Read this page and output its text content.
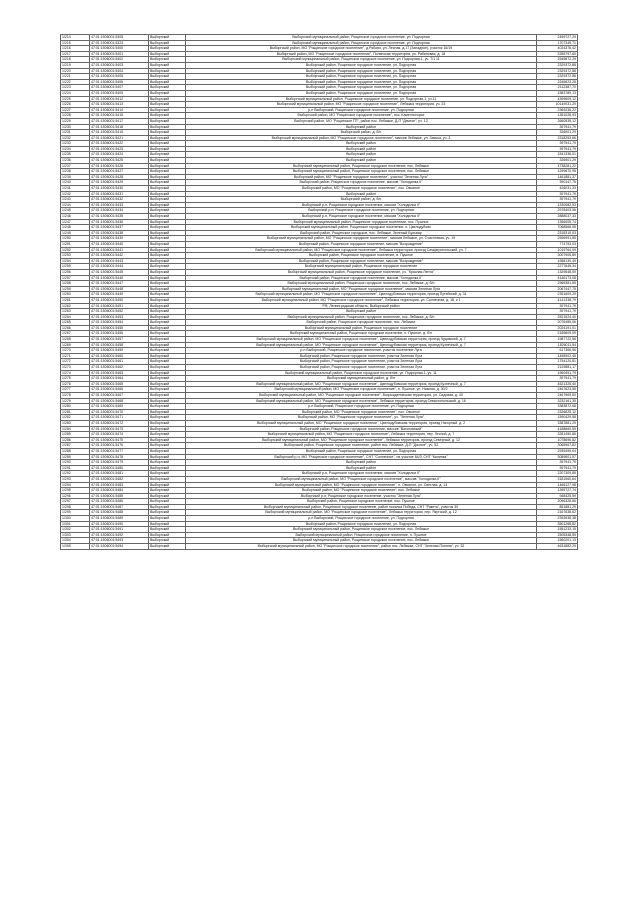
1/214	47:01:1506001:5305	Выборгский	Выборгский муниципальный район, Рощинское городское поселение, ул. Подгорная	2459727,29
1/215	47:01:1506001:5323	Выборгский	Выборгский муниципальный район, Рощинское городское поселение, ул. Подгорная	1707349,71
1/216	47:01:1506001:5400	Выборгский	Выборгский район, МО "Рощинское городское поселение", д.Рябово, ул. Лесная, д.17 (Западное), участок 16/19	4024376,42
1/217	47:01:1506001:5401	Выборгский	Выборгский район, МО "Рощинское городское поселение", Полянская территория, ул. Рябиновая, д. 18	2285797,60
1/218	47:01:1506001:5402	Выборгский	Выборгский муниципальный район, Рощинское городское поселение, ул. Подгорная-1, уч. 7/1 11	2545672,29
1/219	47:01:1506001:5403	Выборгский	Выборгский район, Рощинское городское поселение, ул. Подгорная	2329372,88
1/220	47:01:1506001:5404	Выборгский	Выборгский район, Рощинское городское поселение, ул. Подгорная	2329372,88
1/221	47:01:1506001:5405	Выборгский	Выборгский район, Рощинское городское поселение, ул. Подгорная	2329372,88
1/222	47:01:1506001:5406	Выборгский	Выборгский район, Рощинское городское поселение, ул. Подгорная	2246623,28
1/223	47:01:1506001:5407	Выборгский	Выборгский район, Рощинское городское поселение, ул. Подгорная	2112387,70
1/224	47:01:1506001:5409	Выборгский	Выборгский район, Рощинское городское поселение, ул. Подгорная	1583789,13
1/225	47:01:1506001:5412	Выборгский	Выборгский муниципальный район, Рощинское городское поселение, ул. Подгорная-1, уч.11	4399509,12
1/226	47:01:1506001:5413	Выборгский	Выборгский муниципальный район, МО "Рощинское городское поселение", Лебяжья территория, уч. 23	10149031,29
1/227	47:01:1506001:5414	Выборгский	р-н Выборгский, Рощинское городское поселение, ул. Подгорная	2369236,22
1/228	47:01:1506001:5415	Выборгский	Выборгский район, МО "Рощинское городское поселение", пос. Каменногорье	1351028,93
1/229	47:01:1506001:5417	Выборгский	Выборгский район, МО "Рощинское ГП", район пос. Лебяжье, Д-П "Дачное", уч. 12	2660535,12
1/230	47:01:1506001:5418	Выборгский	Выборгский район	397941,79
1/231	47:01:1506001:5419	Выборгский	Выборгский район, д. б/н	326901,29
1/232	47:01:1506001:5421	Выборгский	Выборгский муниципальный район, МО "Рощинское городское поселение", массив Лебяжье, ул. Заячья, уч. 3	2318253,66
1/233	47:01:1506001:5422	Выборгский	Выборгский район	397941,79
1/234	47:01:1506001:5423	Выборгский	Выборгский район	397941,79
1/235	47:01:1506001:5424	Выборгский	Выборгский район	1541336,01
1/236	47:01:1506001:5425	Выборгский	Выборгский район	326901,29
1/237	47:01:1506001:5426	Выборгский	Выборгский муниципальный район, Рощинское городское поселение, пос. Лебяжье	1738281,22
1/238	47:01:1506001:5427	Выборгский	Выборгский муниципальный район, Рощинское городское поселение, пос. Лебяжье	1299670,95
1/239	47:01:1506001:5428	Выборгский	Выборгский район, МО "Рощинское городское поселение", участок "Зеленая Луга"	1461881,37
1/240	47:01:1506001:5429	Выборгский	Выборгский район, Рощинское городское поселение, массив "Холодилка II"	390147,75
1/241	47:01:1506001:5430	Выборгский	Выборгский район, МО "Рощинское городское поселение", пос. Овсяное	426031,33
1/242	47:01:1506001:5431	Выборгский	Выборгский район	397941,79
1/243	47:01:1506001:5432	Выборгский	Выборгский район, д. б/н	397941,79
1/244	47:01:1506001:5433	Выборгский	Выборгский р-н, Рощинское городское поселение, массив "Холодилка II"	1330082,53
1/245	47:01:1506001:5434	Выборгский	Выборгский р-н, Рощинское городское поселение, ул. Подгорная	2978403,36
1/246	47:01:1506001:5435	Выборгский	Выборгский р-н, Рощинское городское поселение, массив "Холодилка II"	2888037,33
1/247	47:01:1506001:5436	Выборгский	Выборгский муниципальный район, Рощинское городское поселение, пос. Пушное	1356005,74
1/248	47:01:1506001:5437	Выборгский	Выборгский муниципальный район, Рощинское городское поселение, п. Цвелодубово	7068566,08
1/249	47:01:1506001:5438	Выборгский	Выборгский район, Рощинское городское, пос. Лебяжье, Зеленый Бульвар	2318310,03
1/250	47:01:1506001:5439	Выборгский	Выборгский муниципальный район, МО "Рощинское городское поселение", массив Лебяжье, ул. Счастливая, уч. 19	2596991,55
1/251	47:01:1506001:5440	Выборгский	Выборгский район, Рощинское городское поселение, массив "Возрождение"	774793,03
1/252	47:01:1506001:5441	Выборгский	Выборгский муниципальный район, МО "Рощинское городское поселение", Лебяжья территория, проезд Симферопольский, уч. 7	1019764,09
1/253	47:01:1506001:5442	Выборгский	Выборгский район, Рощинское городское поселение, в. Пушное	3007905,89
1/254	47:01:1506001:5443	Выборгский	Выборгский район, Рощинское городское поселение, массив "Возрождение"	1958130,49
1/255	47:01:1506001:5444	Выборгский	Выборгский муниципальный район, Рощинское городское поселение	2277645,34
1/256	47:01:1506001:5445	Выборгский	Выборгский муниципальный район, Рощинское городское поселение, уч. "Красная Лента"	1329548,09
1/257	47:01:1506001:5446	Выборгский	Выборгский район, Рощинское городское поселение, массив "Холодилка II"	4146173,08
1/258	47:01:1506001:5447	Выборгский	Выборгский муниципальный район, Рощинское городское поселение, пос. Лебяжье, д. б/н	2965381,55
1/259	47:01:1506001:5448	Выборгский	Выборгский муниципальный район, МО "Рощинское городское поселение", массив Зеленая Луга	2067447,75
1/260	47:01:1506001:5449	Выборгский	Выборгский муниципальный район, МО "Рощинское городское поселение", Цвелодубовская территория, проезд Путейский, д. 31	2351609,29
1/261	47:01:1506001:5450	Выборгский	Выборгский муниципальный район, МО "Рощинское городское поселение", Лебяжья территория, ул. Солнечная, д. 18, к 1	4141338,79
1/262	47:01:1506001:5451	Выборгский	РФ, Ленинградская область, Выборгский район	397941,79
1/263	47:01:1506001:5452	Выборгский	Выборгский район	397941,79
1/264	47:01:1506001:5453	Выборгский	Выборгский муниципальный район, Рощинское городское поселение, пос. Лебяжье, д. б/н	2521524,40
1/265	47:01:1506001:5454	Выборгский	Выборгский район, Рощинское городское поселение, пос. Лебяжье	2076485,06
1/266	47:01:1506001:5455	Выборгский	Выборгский муниципальный район, Рощинское городское поселение	2024191,01
1/267	47:01:1506001:5456	Выборгский	Выборгский муниципальный район, Рощинское городское поселение, п. Пушное, д. б/н	2189609,09
1/268	47:01:1506001:5457	Выборгский	Выборгский муниципальный район, МО "Рощинское городское поселение", Цвелодубовская территория, проезд Чудовский, д. 7	1987722,56
1/269	47:01:1506001:5458	Выборгский	Выборгский муниципальный район, МО "Рощинское городское поселение", Цвелодубовская территория, проезд Кузнечный, д. 7	1826011,54
1/270	47:01:1506001:5459	Выборгский	р-н Выборгский, Рощинское городское поселение, участок поселение Луга	617366,56
1/271	47:01:1506001:5460	Выборгский	Выборгский район, Рощинское городское поселение, участок Зеленая Луга	1458902,45
1/272	47:01:1506001:5461	Выборгский	Выборгский район, Рощинское городское поселение, участок Зеленая Луга	1754120,81
1/273	47:01:1506001:5462	Выборгский	Выборгский район, Рощинское городское поселение, участок Зеленая Луга	2129881,17
1/274	47:01:1506001:5463	Выборгский	Выборгский муниципальный район, Рощинское городское поселение, ул. Подгорная-1, уч. 11	1960491,79
1/275	47:01:1506001:5464	Выборгский	Выборгский муниципальный район, д. б/н	397941,79
1/276	47:01:1506001:5465	Выборгский	Выборгский муниципальный район, МО "Рощинское городское поселение", Цвелодубовская территория, проезд Кузнечный, д. 7	4521325,40
1/277	47:01:1506001:5466	Выборгский	Выборгский муниципальный район, МО "Рощинское городское поселение", п. Пушное, ул. Нижняя, д. 30/2	2467623,55
1/278	47:01:1506001:5467	Выборгский	Выборгский муниципальный район, МО "Рощинское городское поселение", Возрожденческая территория, ул. Садовая, д. 40	2467969,60
1/279	47:01:1506001:5468	Выборгский	Выборгский муниципальный район, МО "Рощинское городское поселение", Лебяжья территория, проезд Севастопольский, д. 16	3232161,35
1/280	47:01:1506001:5469	Выборгский	р-н Выборгский, Рощинское городское поселение, ул. Подгорная	3383872,68
1/281	47:01:1506001:5470	Выборгский	Выборгский район, МО "Рощинское городское поселение", пос. Овсяное	2326625,12
1/282	47:01:1506001:5471	Выборгский	Выборгский район, МО "Рощинское городское поселение", уч. "Зеленая Луга"	1590429,58
1/283	47:01:1506001:5472	Выборгский	Выборгский муниципальный район, МО "Рощинское городское поселение", Цвелодубовская территория, проезд Нагорный, д. 2	3387881,29
1/284	47:01:1506001:5473	Выборгский	Выборгский район, Рощинское городское поселение, массив "Вагоновский"	4188660,59
1/285	47:01:1506001:5474	Выборгский	Выборгский муниципальный район, МО "Рощинское городское поселение", Лебяжья территория, пер. Лесной, д. 7	3281450,86
1/286	47:01:1506001:5475	Выборгский	Выборгский муниципальный район, МО "Рощинское городское поселение", Лебяжья территория, проезд Северный, д. 12	1078696,82
1/287	47:01:1506001:5476	Выборгский	Выборгский район, Рощинское городское поселение, район пос. Лебяжье, Д-П "Дачное", уч. 52	3065967,82
1/288	47:01:1506001:5477	Выборгский	Выборгский район, Рощинское городское поселение, ул. Подгорная	2939499,64
1/289	47:01:1506001:5478	Выборгский	Выборгский р-н, МО "Рощинское городское поселение", СНТ "Солнечное", на участке 64/3, СНТ "Калинка"	3089801,57
1/290	47:01:1506001:5479	Выборгский	Выборгский район	397941,79
1/291	47:01:1506001:5480	Выборгский	Выборгский район	397941,79
1/292	47:01:1506001:5481	Выборгский	Выборгский р-н, Рощинское городское поселение, массив "Холодилка II"	2207309,85
1/293	47:01:1506001:5482	Выборгский	Выборгский муниципальный район, МО "Рощинское городское поселение", массив "Холодилка II"	3181960,64
1/294	47:01:1506001:5483	Выборгский	Выборгский муниципальный район, МО "Рощинское городское поселение", п. Овсяное, ул. Светлая, д. 14	1466127,98
1/295	47:01:1506001:5484	Выборгский	Выборгский район, МО "Рощинское городское поселение", пос. Лебяжье	1395727,74
1/296	47:01:1506001:5485	Выборгский	Выборгский р-н, Рощинское городское поселение, участок "Зеленая Луга"	948425,59
1/297	47:01:1506001:5486	Выборгский	Выборгский район, Рощинское городское поселение, пос. Пушное	2096328,66
1/298	47:01:1506001:5487	Выборгский	Выборгский муниципальный район, Рощинское городское поселение, район поселка Победа, СНТ "Ракета", участок 30	851881,29
1/299	47:01:1506001:5488	Выборгский	Выборгский муниципальный район, МО "Рощинское городское поселение", Лебяжья территория, пер. Якутский, д. 12	2167638,62
1/300	47:01:1506001:5489	Выборгский	р-н Выборгский, Рощинское городское поселение, ул. Подгорная	2393938,38
1/301	47:01:1506001:5490	Выборгский	Выборгский район, Рощинское городское поселение, ул. Подгорная	3501268,82
1/302	47:01:1506001:5491	Выборгский	Выборгский муниципальный район, Рощинское городское поселение, пос. Лебяжье	1551232,15
1/303	47:01:1506001:5492	Выборгский	Выборгский муниципальный район, Рощинское городское поселение, п. Пушное	2505348,55
1/304	47:01:1506001:5493	Выборгский	Выборгский муниципальный район, Рощинское городское поселение, пос. Лебяжье	1560201,13
1/305	47:01:1506001:5494	Выборгский	Выборгский муниципальный район, МО "Рощинское городское поселение", район пос. Лебяжье, СНТ "Зеленая Поляна", уч. 32	4631882,29
